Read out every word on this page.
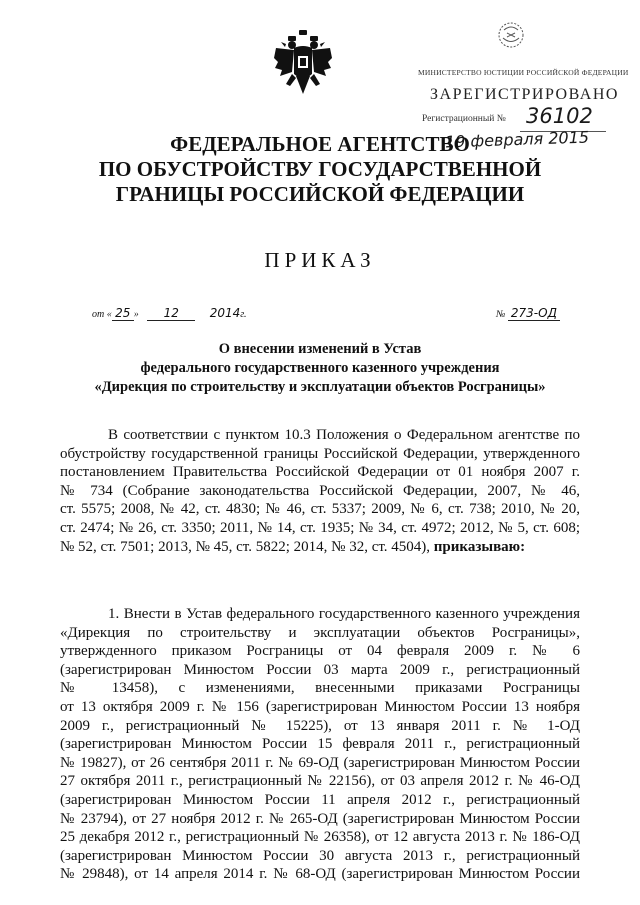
МИНИСТЕРСТВО ЮСТИЦИИ РОССИЙСКОЙ ФЕДЕРАЦИИ
ЗАРЕГИСТРИРОВАНО
Регистрационный № 36102
19 февраля 2015
ФЕДЕРАЛЬНОЕ АГЕНТСТВО
ПО ОБУСТРОЙСТВУ ГОСУДАРСТВЕННОЙ
ГРАНИЦЫ РОССИЙСКОЙ ФЕДЕРАЦИИ
ПРИКАЗ
от « 25 » 12	2014г.	№ 273-ОД
О внесении изменений в Устав
федерального государственного казенного учреждения
«Дирекция по строительству и эксплуатации объектов Росграницы»
В соответствии с пунктом 10.3 Положения о Федеральном агентстве по
обустройству государственной границы Российской Федерации, утвержденного
постановлением Правительства Российской Федерации от 01 ноября 2007 г.
№ 734 (Собрание законодательства Российской Федерации, 2007, № 46,
ст. 5575; 2008, № 42, ст. 4830; № 46, ст. 5337; 2009, № 6, ст. 738; 2010, № 20,
ст. 2474; № 26, ст. 3350; 2011, № 14, ст. 1935; № 34, ст. 4972; 2012, № 5, ст. 608;
№ 52, ст. 7501; 2013, № 45, ст. 5822; 2014, № 32, ст. 4504), приказываю:
1. Внести в Устав федерального государственного казенного учреждения
«Дирекция по строительству и эксплуатации объектов Росграницы»,
утвержденного приказом Росграницы от 04 февраля 2009 г. № 6
(зарегистрирован Минюстом России 03 марта 2009 г., регистрационный
№ 13458), с изменениями, внесенными приказами Росграницы
от 13 октября 2009 г. № 156 (зарегистрирован Минюстом России 13 ноября
2009 г., регистрационный № 15225), от 13 января 2011 г. № 1-ОД
(зарегистрирован Минюстом России 15 февраля 2011 г., регистрационный
№ 19827), от 26 сентября 2011 г. № 69-ОД (зарегистрирован Минюстом России
27 октября 2011 г., регистрационный № 22156), от 03 апреля 2012 г. № 46-ОД
(зарегистрирован Минюстом России 11 апреля 2012 г., регистрационный
№ 23794), от 27 ноября 2012 г. № 265-ОД (зарегистрирован Минюстом России
25 декабря 2012 г., регистрационный № 26358), от 12 августа 2013 г. № 186-ОД
(зарегистрирован Минюстом России 30 августа 2013 г., регистрационный
№ 29848), от 14 апреля 2014 г. № 68-ОД (зарегистрирован Минюстом России
